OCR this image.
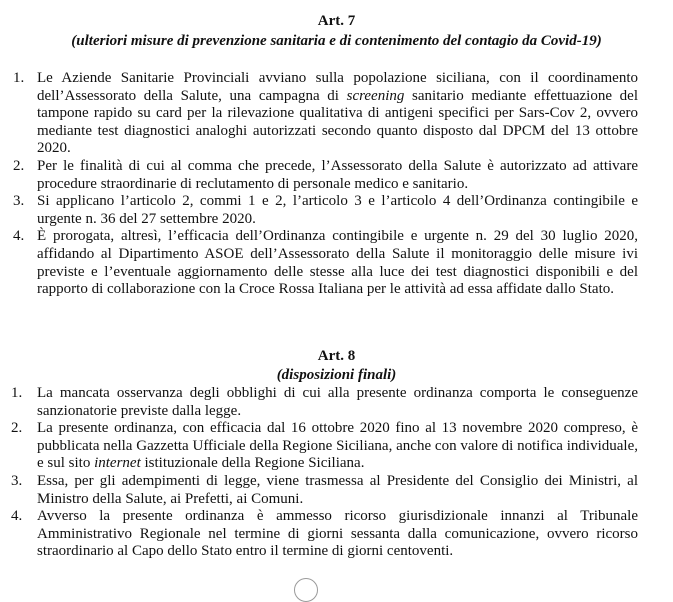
Art. 7
(ulteriori misure di prevenzione sanitaria e di contenimento del contagio da Covid-19)
1. Le Aziende Sanitarie Provinciali avviano sulla popolazione siciliana, con il coordinamento dell’Assessorato della Salute, una campagna di screening sanitario mediante effettuazione del tampone rapido su card per la rilevazione qualitativa di antigeni specifici per Sars-Cov 2, ovvero mediante test diagnostici analoghi autorizzati secondo quanto disposto dal DPCM del 13 ottobre 2020.
2. Per le finalità di cui al comma che precede, l’Assessorato della Salute è autorizzato ad attivare procedure straordinarie di reclutamento di personale medico e sanitario.
3. Si applicano l’articolo 2, commi 1 e 2, l’articolo 3 e l’articolo 4 dell’Ordinanza contingibile e urgente n. 36 del 27 settembre 2020.
4. È prorogata, altresì, l’efficacia dell’Ordinanza contingibile e urgente n. 29 del 30 luglio 2020, affidando al Dipartimento ASOE dell’Assessorato della Salute il monitoraggio delle misure ivi previste e l’eventuale aggiornamento delle stesse alla luce dei test diagnostici disponibili e del rapporto di collaborazione con la Croce Rossa Italiana per le attività ad essa affidate dallo Stato.
Art. 8
(disposizioni finali)
1. La mancata osservanza degli obblighi di cui alla presente ordinanza comporta le conseguenze sanzionatorie previste dalla legge.
2. La presente ordinanza, con efficacia dal 16 ottobre 2020 fino al 13 novembre 2020 compreso, è pubblicata nella Gazzetta Ufficiale della Regione Siciliana, anche con valore di notifica individuale, e sul sito internet istituzionale della Regione Siciliana.
3. Essa, per gli adempimenti di legge, viene trasmessa al Presidente del Consiglio dei Ministri, al Ministro della Salute, ai Prefetti, ai Comuni.
4. Avverso la presente ordinanza è ammesso ricorso giurisdizionale innanzi al Tribunale Amministrativo Regionale nel termine di giorni sessanta dalla comunicazione, ovvero ricorso straordinario al Capo dello Stato entro il termine di giorni centoventi.
